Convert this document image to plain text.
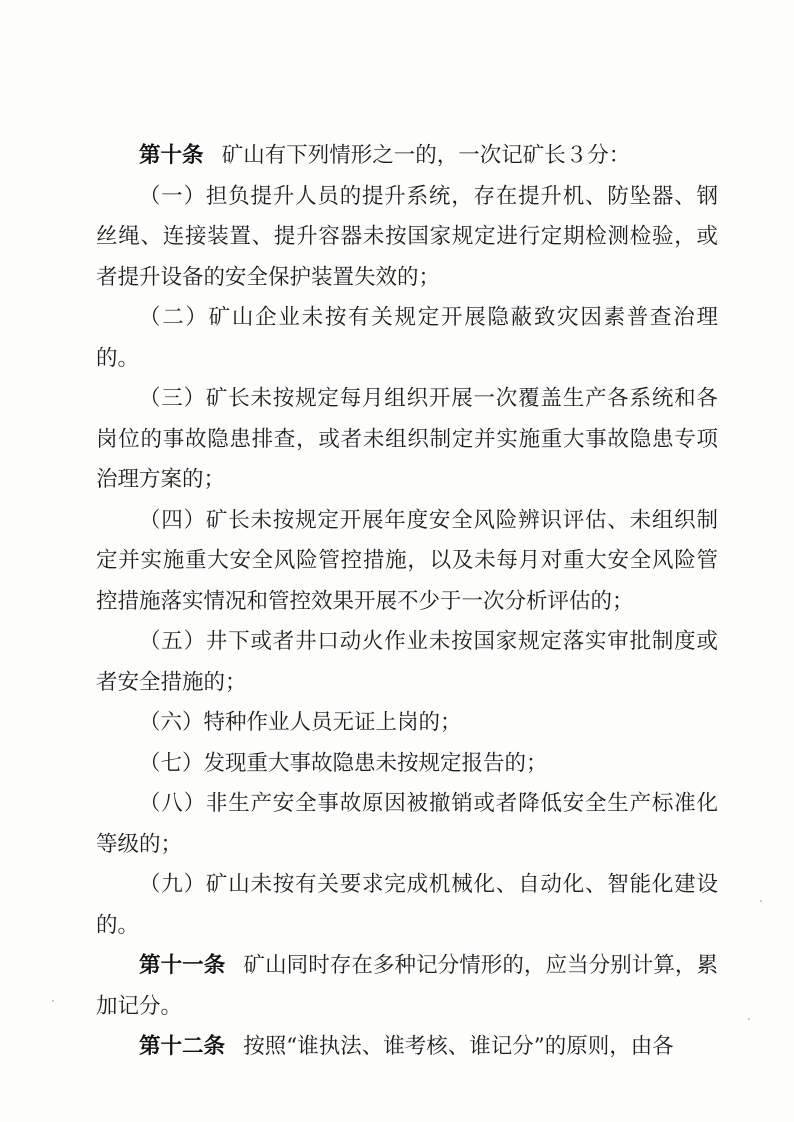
第十条 矿山有下列情形之一的，一次记矿长３分：

（一）担负提升人员的提升系统，存在提升机、防坠器、钢丝绳、连接装置、提升容器未按国家规定进行定期检测检验，或者提升设备的安全保护装置失效的；

（二）矿山企业未按有关规定开展隐蔽致灾因素普查治理的。

（三）矿长未按规定每月组织开展一次覆盖生产各系统和各岗位的事故隐患排查，或者未组织制定并实施重大事故隐患专项治理方案的；

（四）矿长未按规定开展年度安全风险辨识评估、未组织制定并实施重大安全风险管控措施，以及未每月对重大安全风险管控措施落实情况和管控效果开展不少于一次分析评估的；

（五）井下或者井口动火作业未按国家规定落实审批制度或者安全措施的；

（六）特种作业人员无证上岗的；

（七）发现重大事故隐患未按规定报告的；

（八）非生产安全事故原因被撤销或者降低安全生产标准化等级的；

（九）矿山未按有关要求完成机械化、自动化、智能化建设的。

第十一条 矿山同时存在多种记分情形的，应当分别计算，累加记分。

第十二条 按照“谁执法、谁考核、谁记分”的原则，由各
